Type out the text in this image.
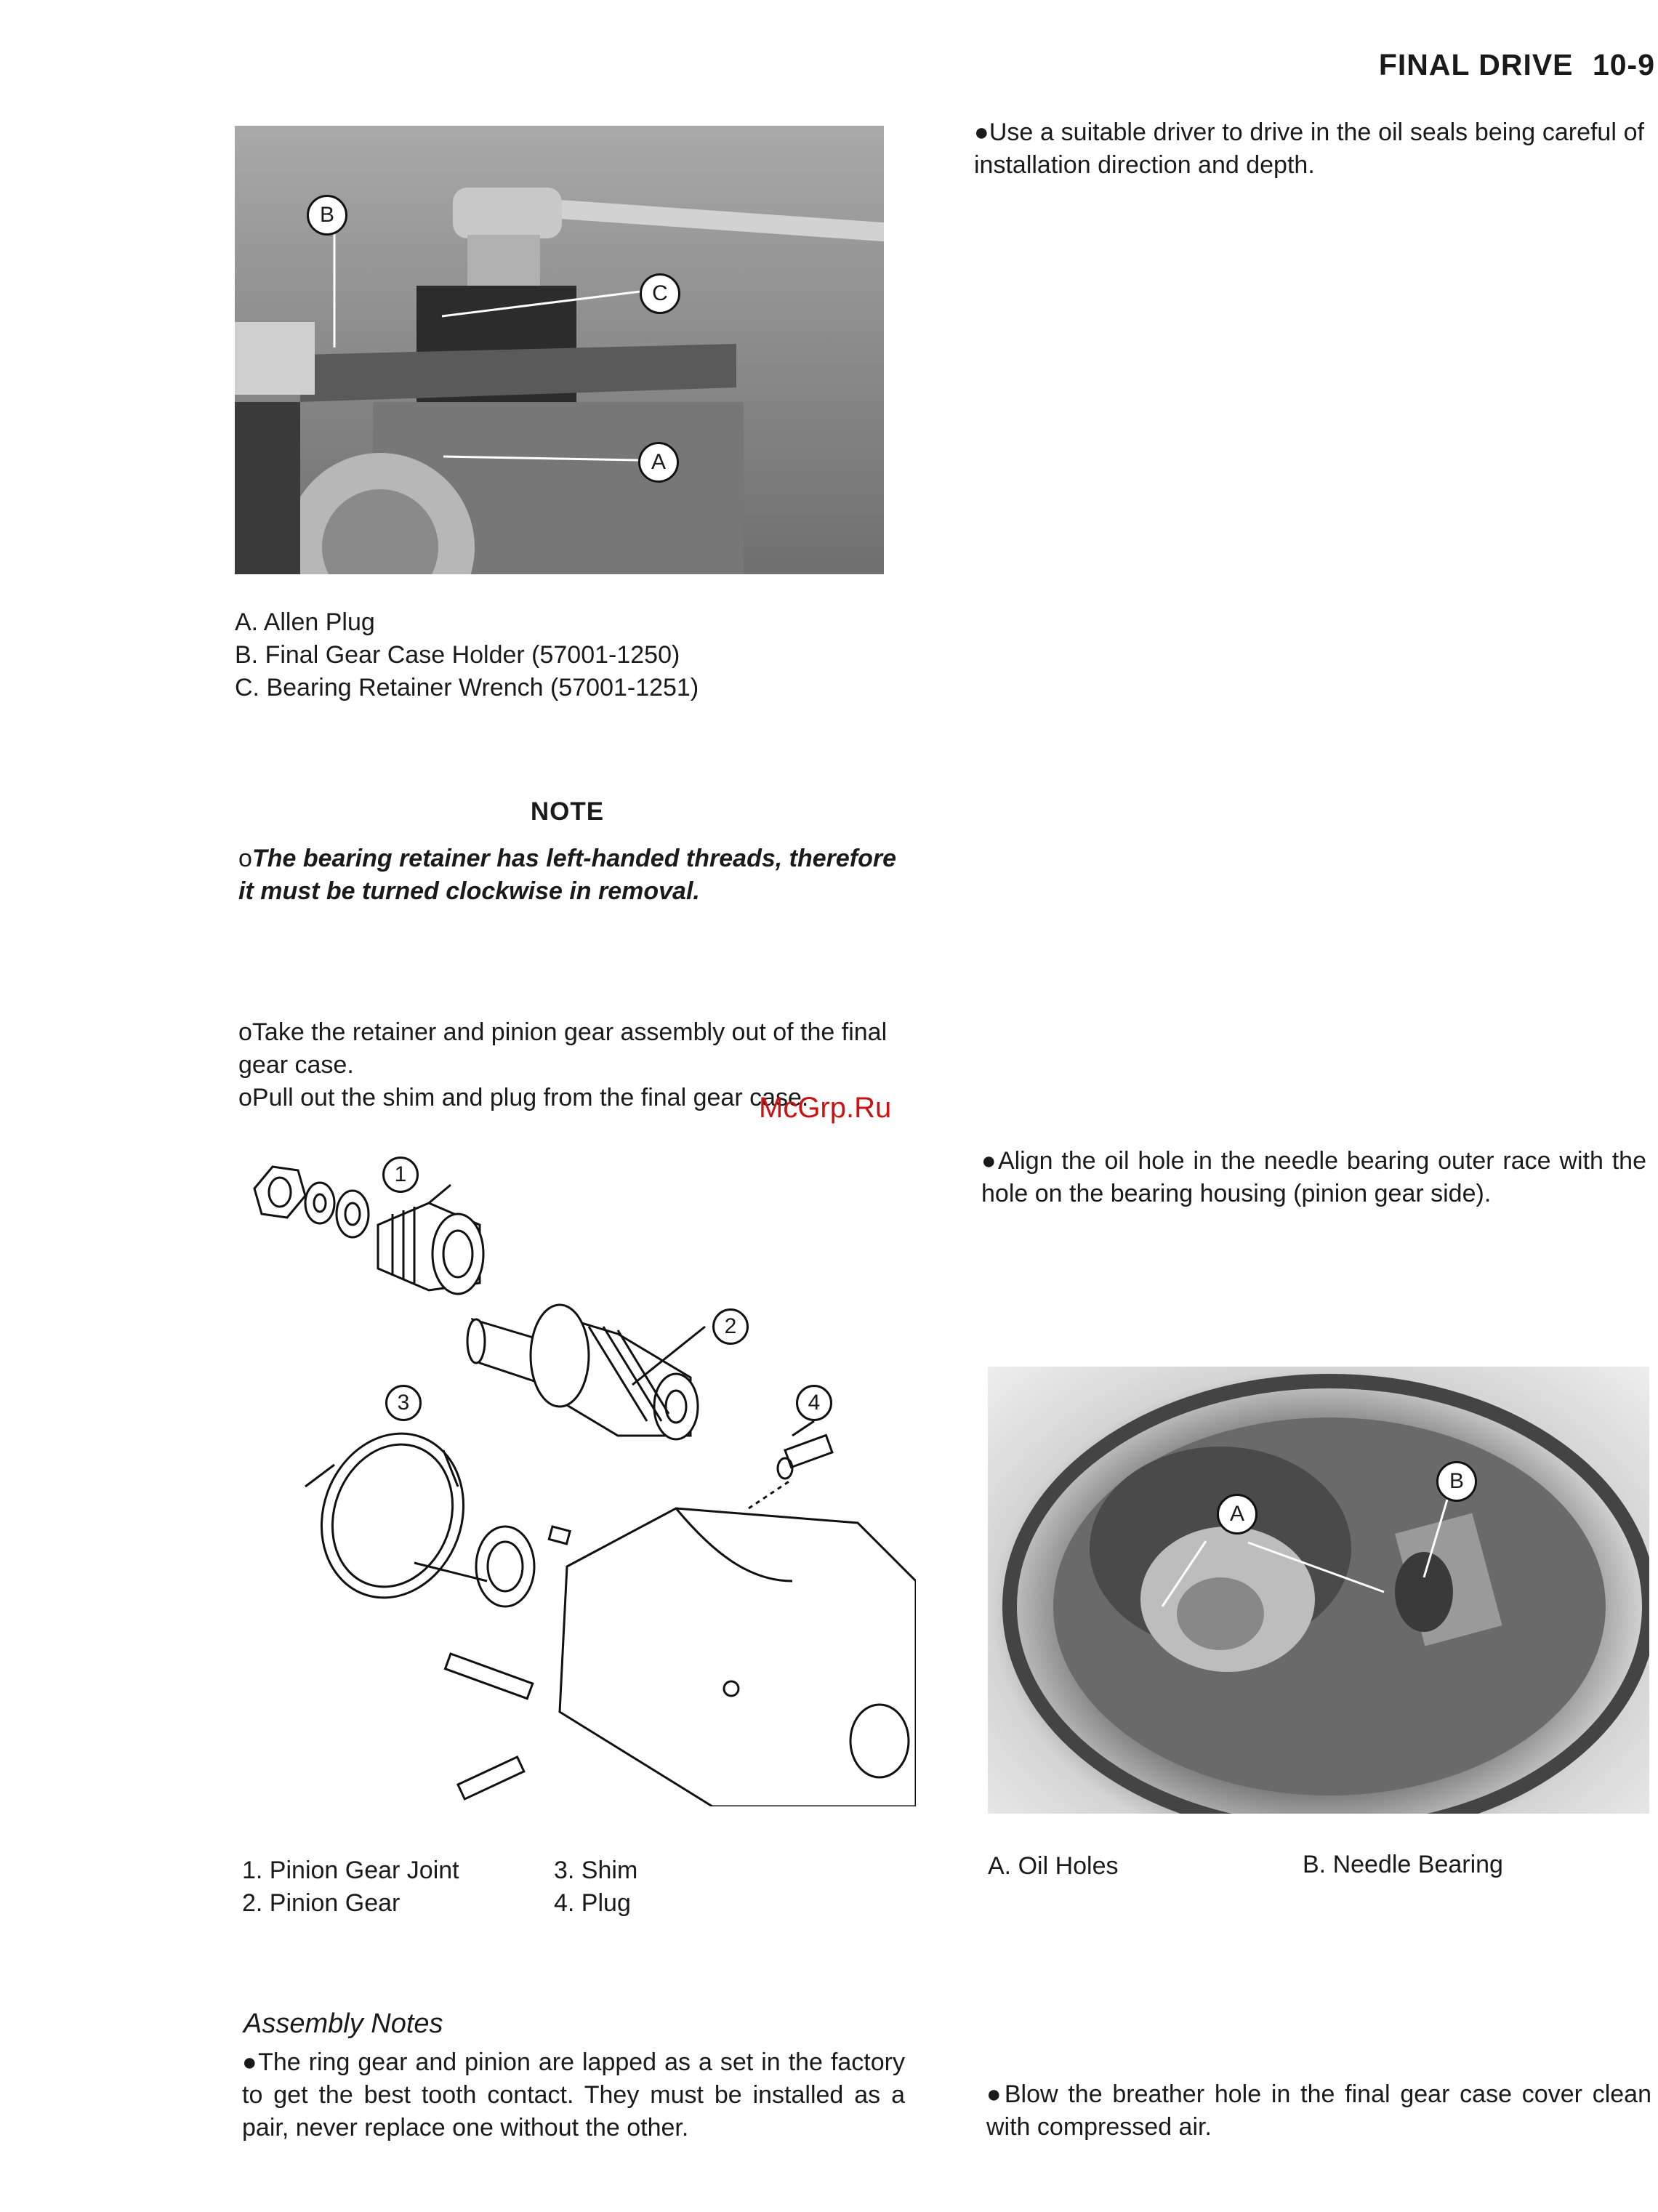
FINAL DRIVE 10-9
●Use a suitable driver to drive in the oil seals being careful of installation direction and depth.
B
C
A
A. Allen Plug
B. Final Gear Case Holder (57001-1250)
C. Bearing Retainer Wrench (57001-1251)
NOTE
oThe bearing retainer has left-handed threads, therefore it must be turned clockwise in removal.
oTake the retainer and pinion gear assembly out of the final gear case.
oPull out the shim and plug from the final gear case.
McGrp.Ru
1
2
3	4
1. Pinion Gear Joint
2. Pinion Gear
3. Shim
4. Plug
●Align the oil hole in the needle bearing outer race with the hole on the bearing housing (pinion gear side).
A
B
A. Oil Holes	B. Needle Bearing
Assembly Notes
●The ring gear and pinion are lapped as a set in the factory to get the best tooth contact. They must be installed as a pair, never replace one without the other.
●Blow the breather hole in the final gear case cover clean with compressed air.
